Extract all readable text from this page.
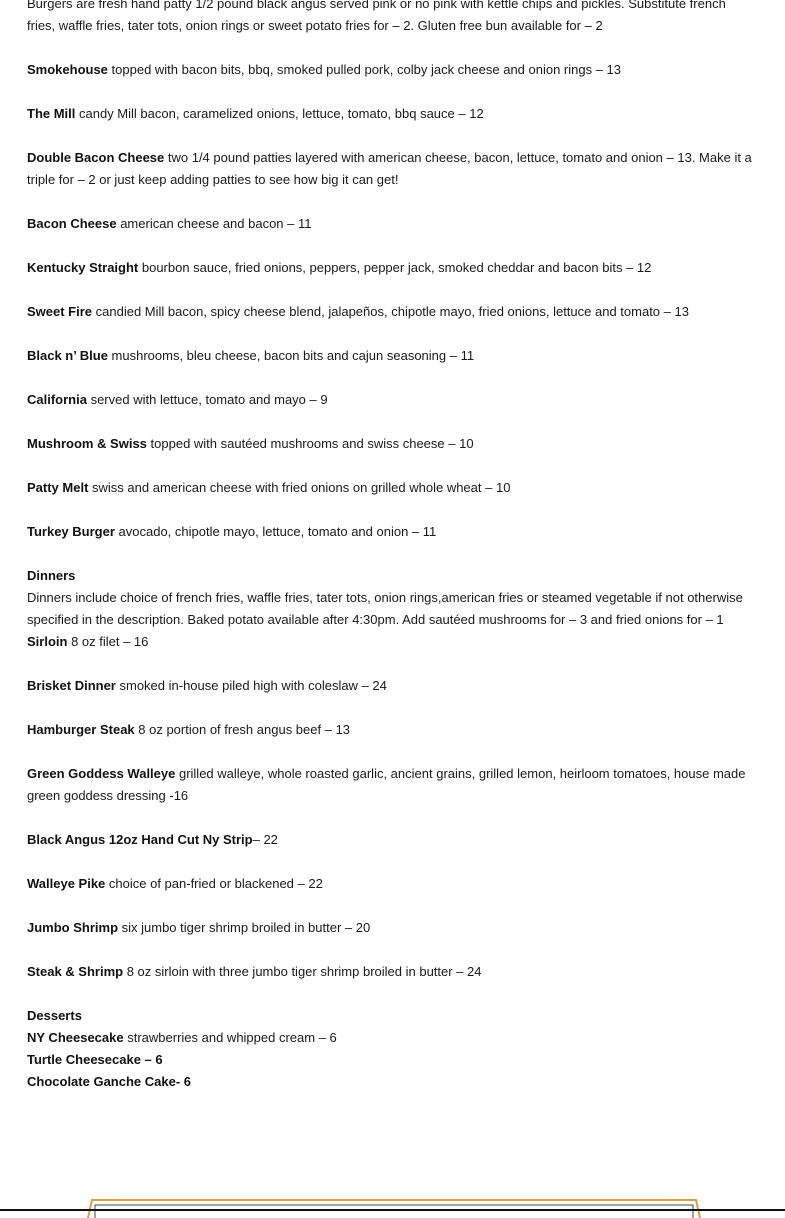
Burgers are fresh hand patty 1/2 pound black angus served pink or no pink with kettle chips and pickles. Substitute french fries, waffle fries, tater tots, onion rings or sweet potato fries for – 2. Gluten free bun available for – 2

Smokehouse topped with bacon bits, bbq, smoked pulled pork, colby jack cheese and onion rings – 13

The Mill candy Mill bacon, caramelized onions, lettuce, tomato, bbq sauce – 12

Double Bacon Cheese two 1/4 pound patties layered with american cheese, bacon, lettuce, tomato and onion – 13. Make it a triple for – 2 or just keep adding patties to see how big it can get!

Bacon Cheese american cheese and bacon – 11

Kentucky Straight bourbon sauce, fried onions, peppers, pepper jack, smoked cheddar and bacon bits – 12

Sweet Fire candied Mill bacon, spicy cheese blend, jalapeños, chipotle mayo, fried onions, lettuce and tomato – 13

Black n’ Blue mushrooms, bleu cheese, bacon bits and cajun seasoning – 11

California served with lettuce, tomato and mayo – 9

Mushroom & Swiss topped with sautéed mushrooms and swiss cheese – 10

Patty Melt swiss and american cheese with fried onions on grilled whole wheat – 10

Turkey Burger avocado, chipotle mayo, lettuce, tomato and onion – 11

Dinners
Dinners include choice of french fries, waffle fries, tater tots, onion rings,american fries or steamed vegetable if not otherwise specified in the description. Baked potato available after 4:30pm. Add sautéed mushrooms for – 3 and fried onions for – 1
Sirloin 8 oz filet – 16

Brisket Dinner smoked in-house piled high with coleslaw – 24

Hamburger Steak 8 oz portion of fresh angus beef – 13

Green Goddess Walleye grilled walleye, whole roasted garlic, ancient grains, grilled lemon, heirloom tomatoes, house made green goddess dressing -16

Black Angus 12oz Hand Cut Ny Strip– 22

Walleye Pike choice of pan-fried or blackened – 22

Jumbo Shrimp six jumbo tiger shrimp broiled in butter – 20

Steak & Shrimp 8 oz sirloin with three jumbo tiger shrimp broiled in butter – 24

Desserts
NY Cheesecake strawberries and whipped cream – 6
Turtle Cheesecake – 6
Chocolate Ganche Cake- 6
